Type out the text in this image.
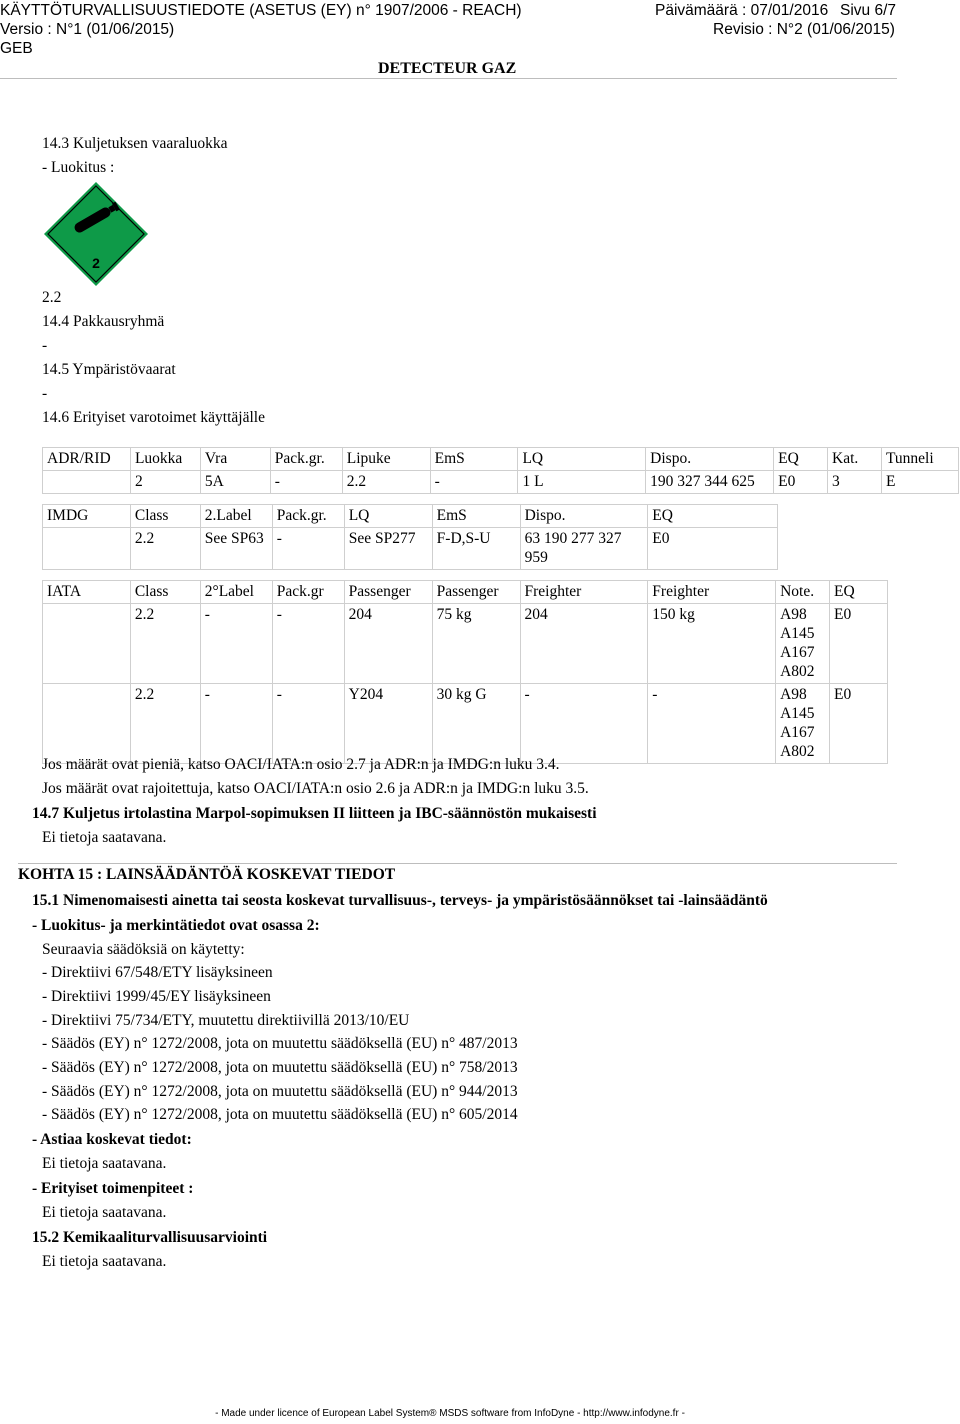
KÄYTTÖTURVALLISUUSTIEDOTE (ASETUS (EY) n° 1907/2006 - REACH)	Päivämäärä : 07/01/2016 Sivu 6/7
Versio : N°1 (01/06/2015)	Revisio : N°2 (01/06/2015)
GEB
DETECTEUR GAZ
14.3 Kuljetuksen vaaraluokka
- Luokitus :
2
2.2
14.4 Pakkausryhmä
-
14.5 Ympäristövaarat
-
14.6 Erityiset varotoimet käyttäjälle
ADR/RID	Luokka	Vra	Pack.gr.	Lipuke	EmS	LQ	Dispo.	EQ	Kat.	Tunneli
	2	5A	-	2.2	-	1 L	190 327 344 625	E0	3	E
IMDG	Class	2.Label	Pack.gr.	LQ	EmS	Dispo.	EQ
	2.2	See SP63	-	See SP277	F-D,S-U	63 190 277 327 959	E0
IATA	Class	2°Label	Pack.gr	Passenger	Passenger	Freighter	Freighter	Note.	EQ
	2.2	-	-	204	75 kg	204	150 kg	A98 A145 A167 A802	E0
	2.2	-	-	Y204	30 kg G	-	-	A98 A145 A167 A802	E0
Jos määrät ovat pieniä, katso OACI/IATA:n osio 2.7 ja ADR:n ja IMDG:n luku 3.4.
Jos määrät ovat rajoitettuja, katso OACI/IATA:n osio 2.6 ja ADR:n ja IMDG:n luku 3.5.
14.7 Kuljetus irtolastina Marpol-sopimuksen II liitteen ja IBC-säännöstön mukaisesti
Ei tietoja saatavana.
KOHTA 15 : LAINSÄÄDÄNTÖÄ KOSKEVAT TIEDOT
15.1 Nimenomaisesti ainetta tai seosta koskevat turvallisuus-, terveys- ja ympäristösäännökset tai -lainsäädäntö
- Luokitus- ja merkintätiedot ovat osassa 2:
Seuraavia säädöksiä on käytetty:
- Direktiivi 67/548/ETY lisäyksineen
- Direktiivi 1999/45/EY lisäyksineen
- Direktiivi 75/734/ETY, muutettu direktiivillä 2013/10/EU
- Säädös (EY) n° 1272/2008, jota on muutettu säädöksellä (EU) n° 487/2013
- Säädös (EY) n° 1272/2008, jota on muutettu säädöksellä (EU) n° 758/2013
- Säädös (EY) n° 1272/2008, jota on muutettu säädöksellä (EU) n° 944/2013
- Säädös (EY) n° 1272/2008, jota on muutettu säädöksellä (EU) n° 605/2014
- Astiaa koskevat tiedot:
Ei tietoja saatavana.
- Erityiset toimenpiteet :
Ei tietoja saatavana.
15.2 Kemikaaliturvallisuusarviointi
Ei tietoja saatavana.
- Made under licence of European Label System® MSDS software from InfoDyne - http://www.infodyne.fr -
